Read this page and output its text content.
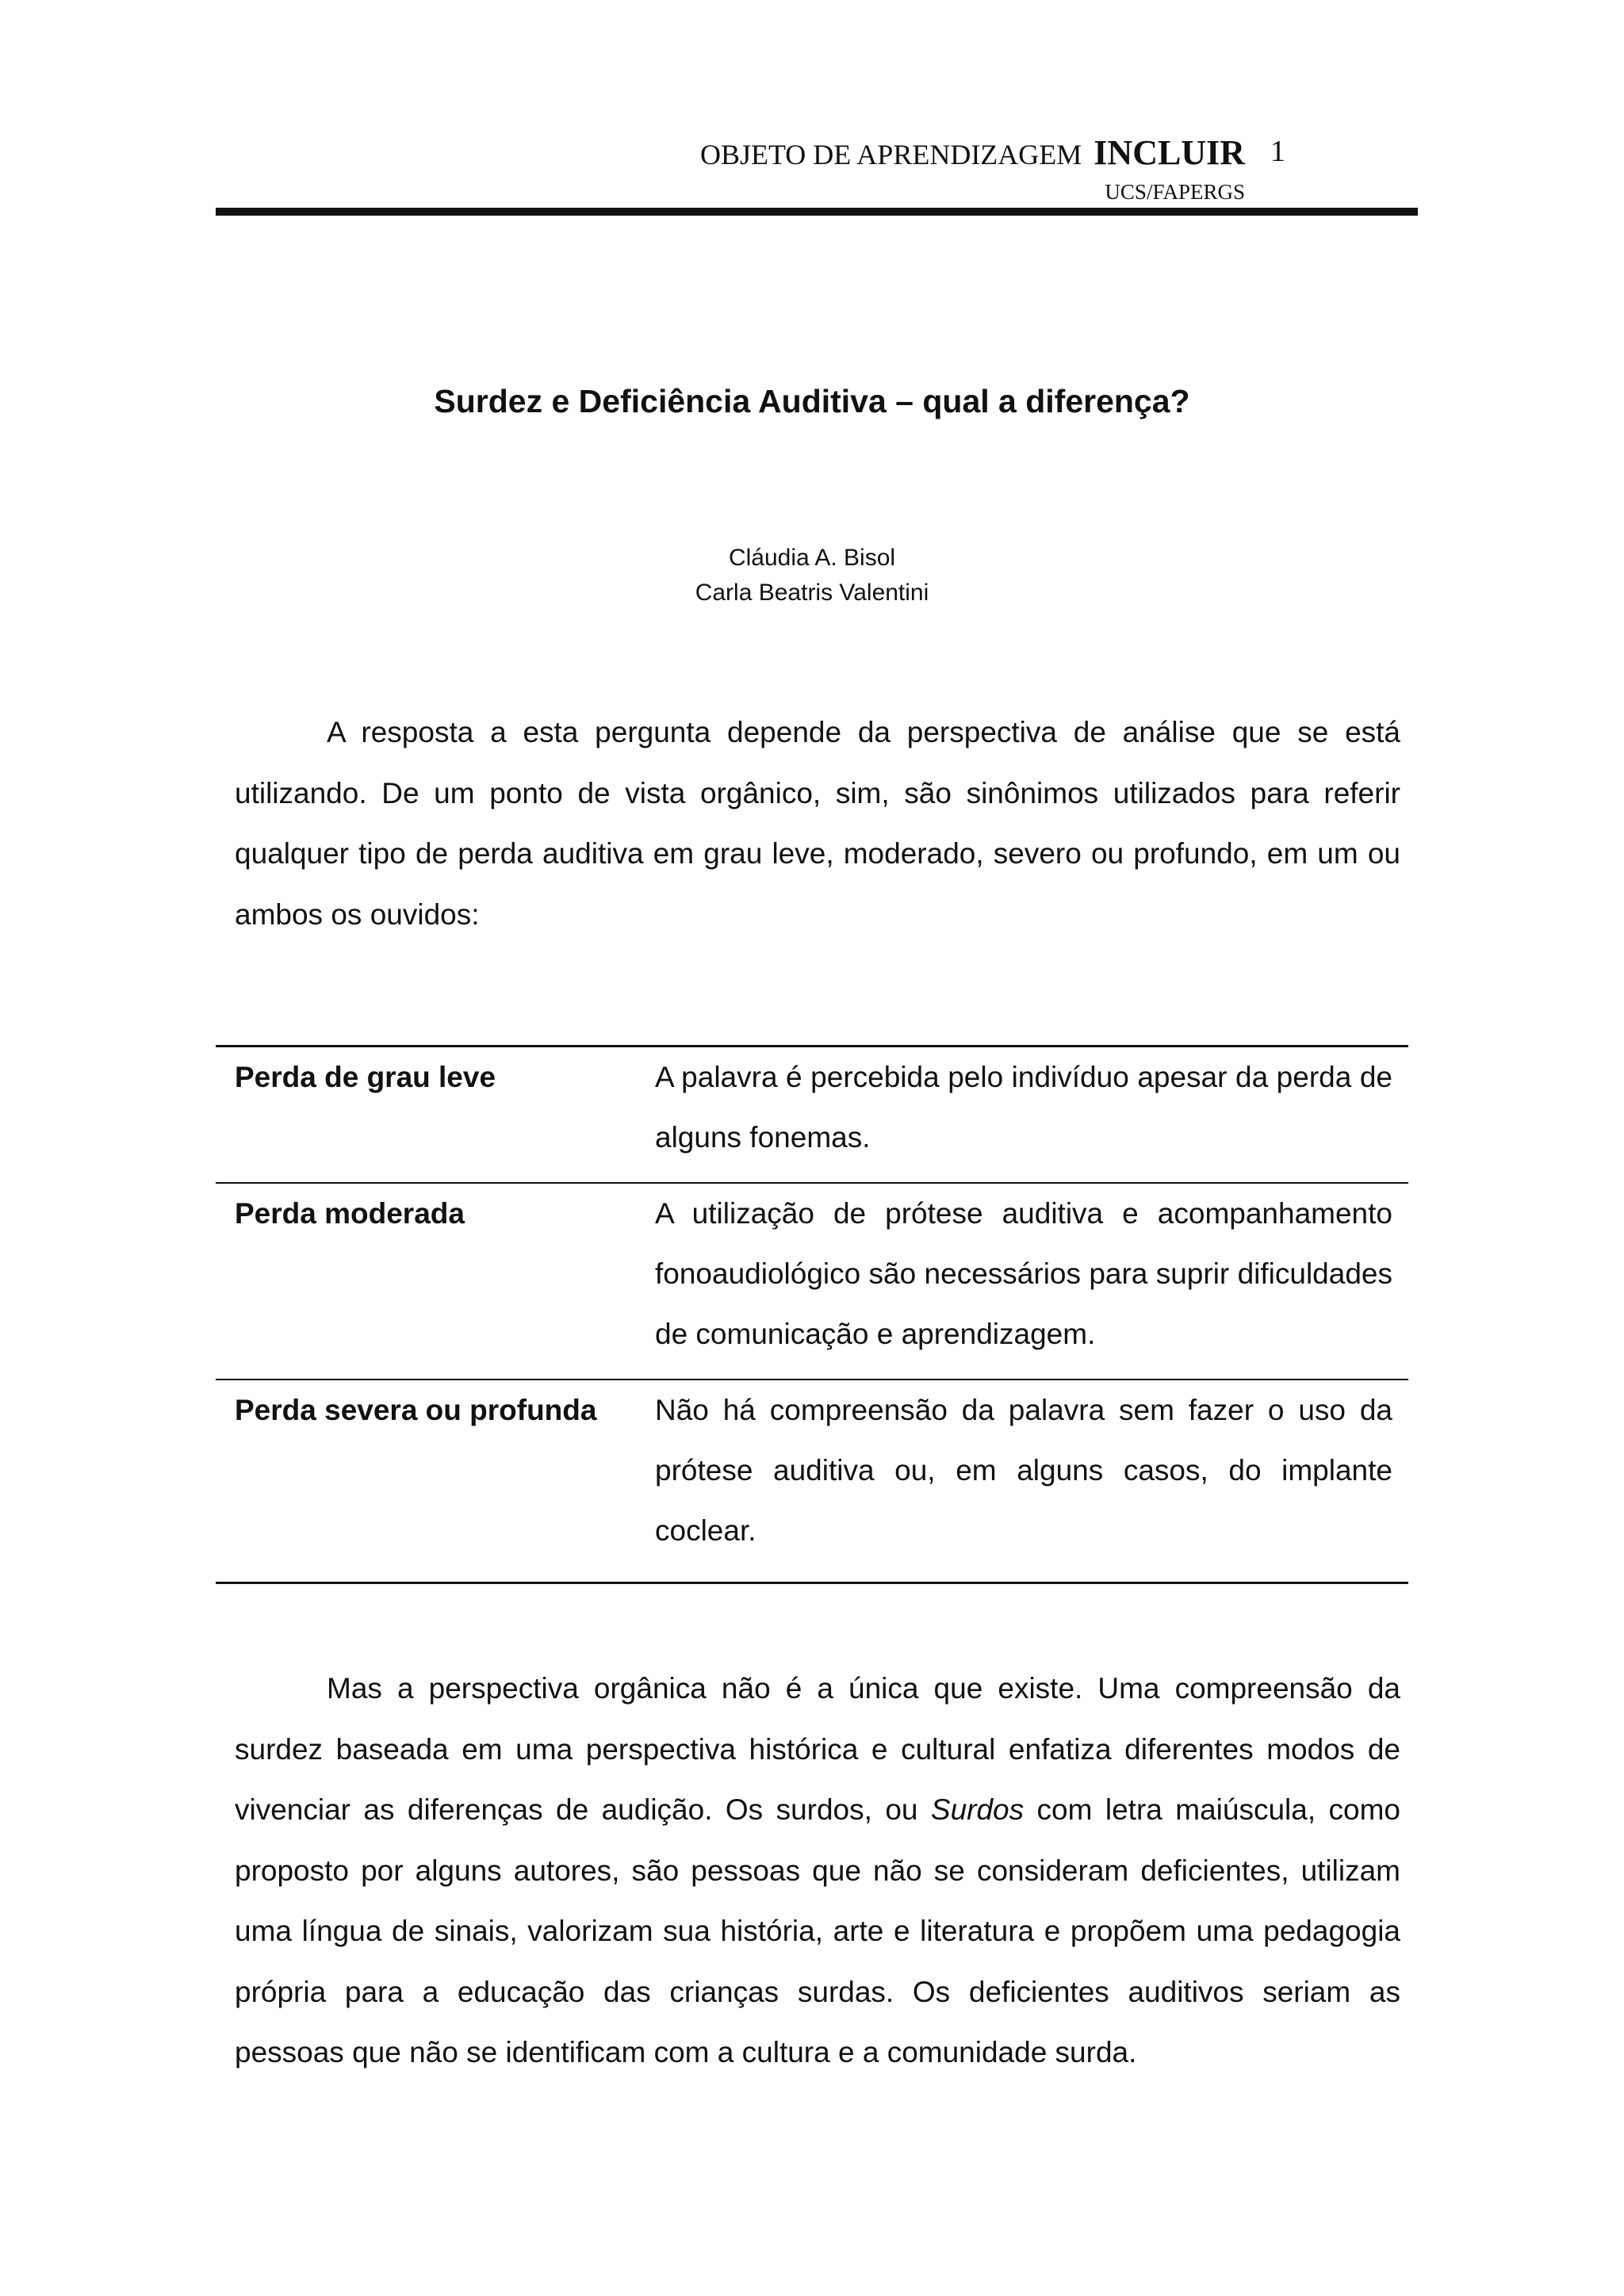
OBJETO DE APRENDIZAGEM INCLUIR 1
UCS/FAPERGS
Surdez e Deficiência Auditiva – qual a diferença?
Cláudia A. Bisol
Carla Beatris Valentini

A resposta a esta pergunta depende da perspectiva de análise que se está utilizando. De um ponto de vista orgânico, sim, são sinônimos utilizados para referir qualquer tipo de perda auditiva em grau leve, moderado, severo ou profundo, em um ou ambos os ouvidos:

Perda de grau leve	A palavra é percebida pelo indivíduo apesar da perda de alguns fonemas.
Perda moderada	A utilização de prótese auditiva e acompanhamento fonoaudiológico são necessários para suprir dificuldades de comunicação e aprendizagem.
Perda severa ou profunda	Não há compreensão da palavra sem fazer o uso da prótese auditiva ou, em alguns casos, do implante coclear.

Mas a perspectiva orgânica não é a única que existe. Uma compreensão da surdez baseada em uma perspectiva histórica e cultural enfatiza diferentes modos de vivenciar as diferenças de audição. Os surdos, ou Surdos com letra maiúscula, como proposto por alguns autores, são pessoas que não se consideram deficientes, utilizam uma língua de sinais, valorizam sua história, arte e literatura e propõem uma pedagogia própria para a educação das crianças surdas. Os deficientes auditivos seriam as pessoas que não se identificam com a cultura e a comunidade surda.
